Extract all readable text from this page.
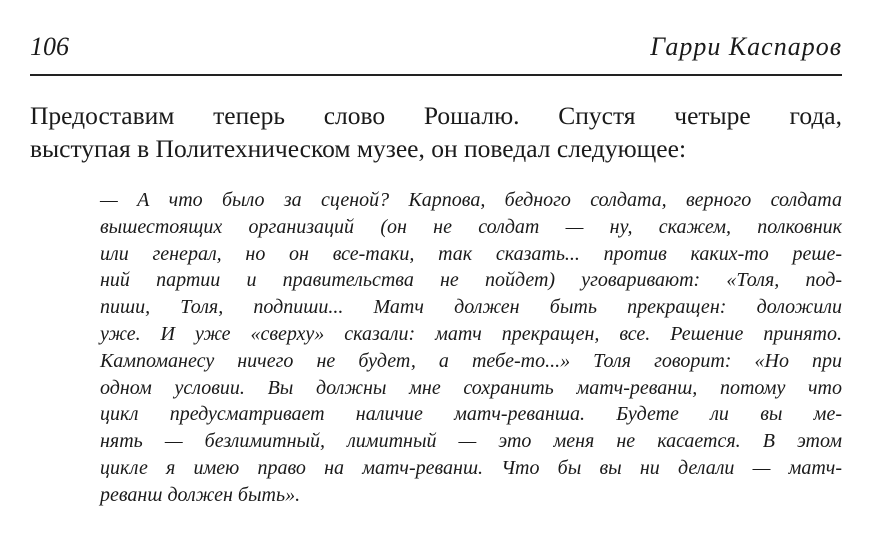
106	Гарри Каспаров
Предоставим теперь слово Рошалю. Спустя четыре года,
выступая в Политехническом музее, он поведал следующее:
— А что было за сценой? Карпова, бедного солдата, верного солдата
вышестоящих организаций (он не солдат — ну, скажем, полковник
или генерал, но он все-таки, так сказать... против каких-то реше-
ний партии и правительства не пойдет) уговаривают: «Толя, под-
пиши, Толя, подпиши... Матч должен быть прекращен: доложили
уже. И уже «сверху» сказали: матч прекращен, все. Решение принято.
Кампоманесу ничего не будет, а тебе-то...» Толя говорит: «Но при
одном условии. Вы должны мне сохранить матч-реванш, потому что
цикл предусматривает наличие матч-реванша. Будете ли вы ме-
нять — безлимитный, лимитный — это меня не касается. В этом
цикле я имею право на матч-реванш. Что бы вы ни делали — матч-
реванш должен быть».
